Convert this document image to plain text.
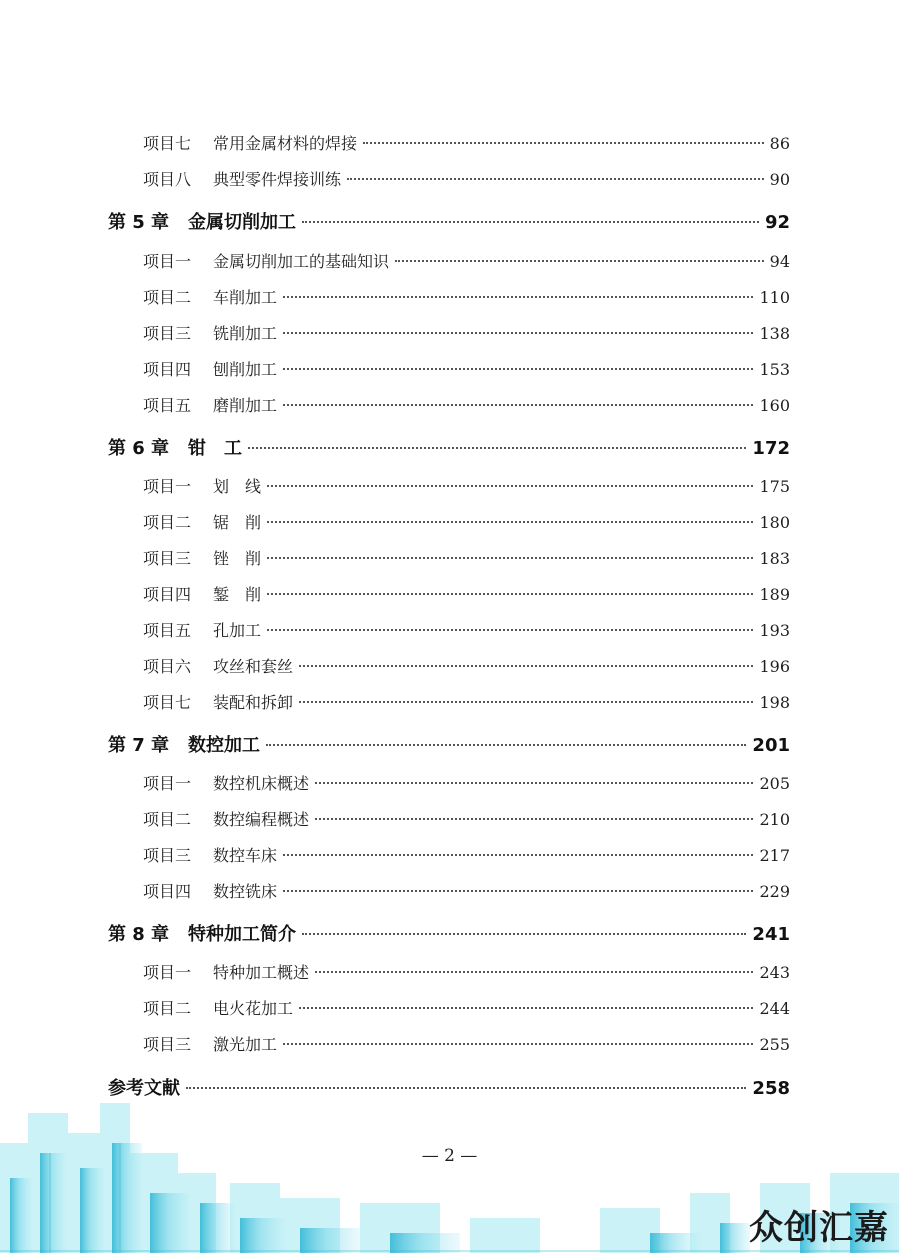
项目七	常用金属材料的焊接	86
项目八	典型零件焊接训练	90
第 5 章	金属切削加工	92
项目一	金属切削加工的基础知识	94
项目二	车削加工	110
项目三	铣削加工	138
项目四	刨削加工	153
项目五	磨削加工	160
第 6 章	钳　工	172
项目一	划　线	175
项目二	锯　削	180
项目三	锉　削	183
项目四	錾　削	189
项目五	孔加工	193
项目六	攻丝和套丝	196
项目七	装配和拆卸	198
第 7 章	数控加工	201
项目一	数控机床概述	205
项目二	数控编程概述	210
项目三	数控车床	217
项目四	数控铣床	229
第 8 章	特种加工简介	241
项目一	特种加工概述	243
项目二	电火花加工	244
项目三	激光加工	255
参考文献	258
— 2 —
众创汇嘉
